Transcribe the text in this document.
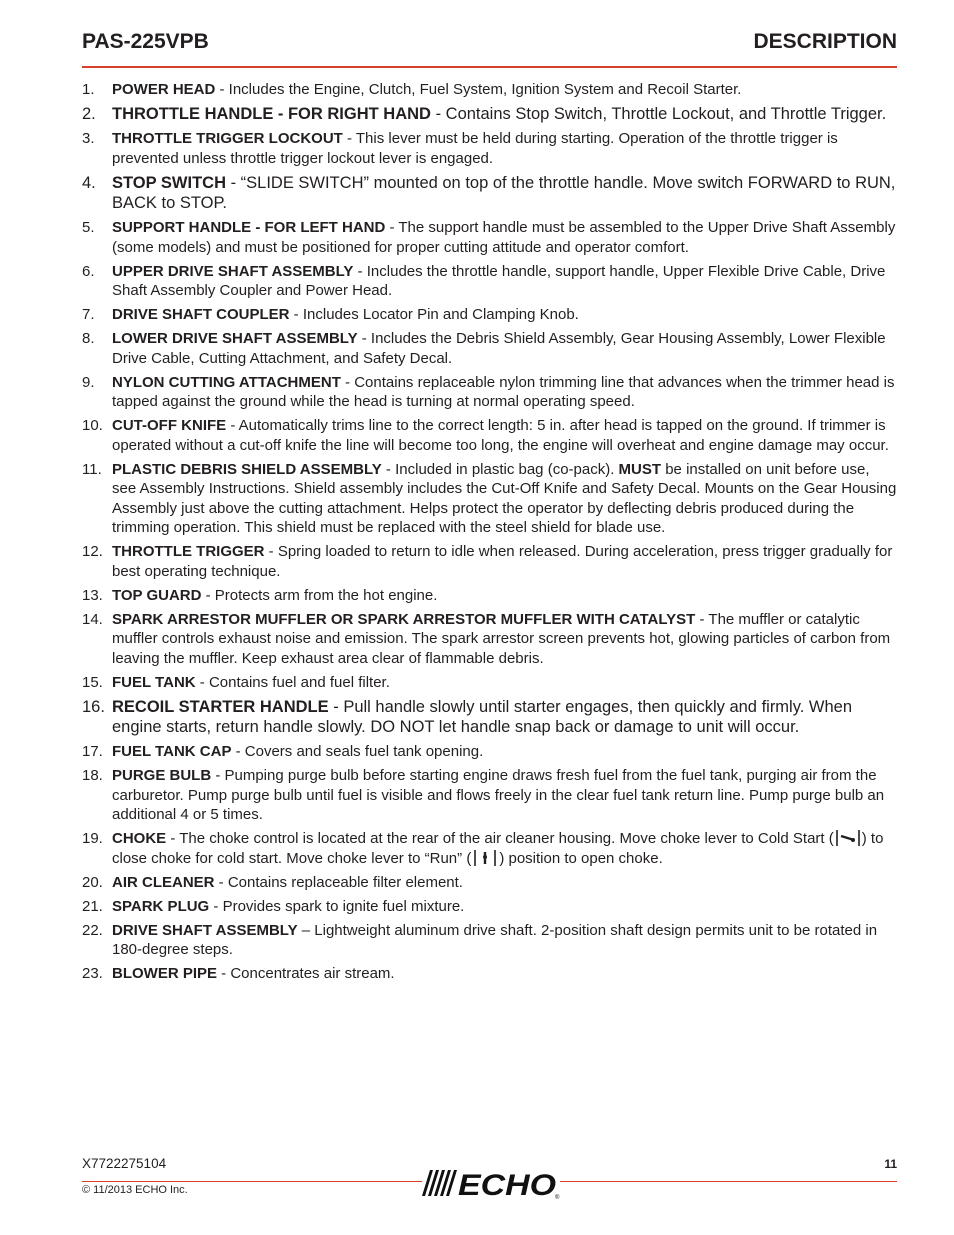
PAS-225VPB	DESCRIPTION
1. POWER HEAD - Includes the Engine, Clutch, Fuel System, Ignition System and Recoil Starter.
2. THROTTLE HANDLE - FOR RIGHT HAND - Contains Stop Switch, Throttle Lockout, and Throttle Trigger.
3. THROTTLE TRIGGER LOCKOUT - This lever must be held during starting. Operation of the throttle trigger is prevented unless throttle trigger lockout lever is engaged.
4. STOP SWITCH - “SLIDE SWITCH” mounted on top of the throttle handle. Move switch FORWARD to RUN, BACK to STOP.
5. SUPPORT HANDLE - FOR LEFT HAND - The support handle must be assembled to the Upper Drive Shaft Assembly (some models) and must be positioned for proper cutting attitude and operator comfort.
6. UPPER DRIVE SHAFT ASSEMBLY - Includes the throttle handle, support handle, Upper Flexible Drive Cable, Drive Shaft Assembly Coupler and Power Head.
7. DRIVE SHAFT COUPLER - Includes Locator Pin and Clamping Knob.
8. LOWER DRIVE SHAFT ASSEMBLY - Includes the Debris Shield Assembly, Gear Housing Assembly, Lower Flexible Drive Cable, Cutting Attachment, and Safety Decal.
9. NYLON CUTTING ATTACHMENT - Contains replaceable nylon trimming line that advances when the trimmer head is tapped against the ground while the head is turning at normal operating speed.
10. CUT-OFF KNIFE - Automatically trims line to the correct length: 5 in. after head is tapped on the ground. If trimmer is operated without a cut-off knife the line will become too long, the engine will overheat and engine damage may occur.
11. PLASTIC DEBRIS SHIELD ASSEMBLY - Included in plastic bag (co-pack). MUST be installed on unit before use, see Assembly Instructions. Shield assembly includes the Cut-Off Knife and Safety Decal. Mounts on the Gear Housing Assembly just above the cutting attachment. Helps protect the operator by deflecting debris produced during the trimming operation. This shield must be replaced with the steel shield for blade use.
12. THROTTLE TRIGGER - Spring loaded to return to idle when released. During acceleration, press trigger gradually for best operating technique.
13. TOP GUARD - Protects arm from the hot engine.
14. SPARK ARRESTOR MUFFLER OR SPARK ARRESTOR MUFFLER WITH CATALYST - The muffler or catalytic muffler controls exhaust noise and emission. The spark arrestor screen prevents hot, glowing particles of carbon from leaving the muffler. Keep exhaust area clear of flammable debris.
15. FUEL TANK - Contains fuel and fuel filter.
16. RECOIL STARTER HANDLE - Pull handle slowly until starter engages, then quickly and firmly. When engine starts, return handle slowly. DO NOT let handle snap back or damage to unit will occur.
17. FUEL TANK CAP - Covers and seals fuel tank opening.
18. PURGE BULB - Pumping purge bulb before starting engine draws fresh fuel from the fuel tank, purging air from the carburetor. Pump purge bulb until fuel is visible and flows freely in the clear fuel tank return line. Pump purge bulb an additional 4 or 5 times.
19. CHOKE - The choke control is located at the rear of the air cleaner housing. Move choke lever to Cold Start ( ) to close choke for cold start. Move choke lever to “Run” ( ) position to open choke.
20. AIR CLEANER - Contains replaceable filter element.
21. SPARK PLUG - Provides spark to ignite fuel mixture.
22. DRIVE SHAFT ASSEMBLY – Lightweight aluminum drive shaft. 2-position shaft design permits unit to be rotated in 180-degree steps.
23. BLOWER PIPE - Concentrates air stream.
X7722275104
© 11/2013 ECHO Inc.
11
ECHO ®
